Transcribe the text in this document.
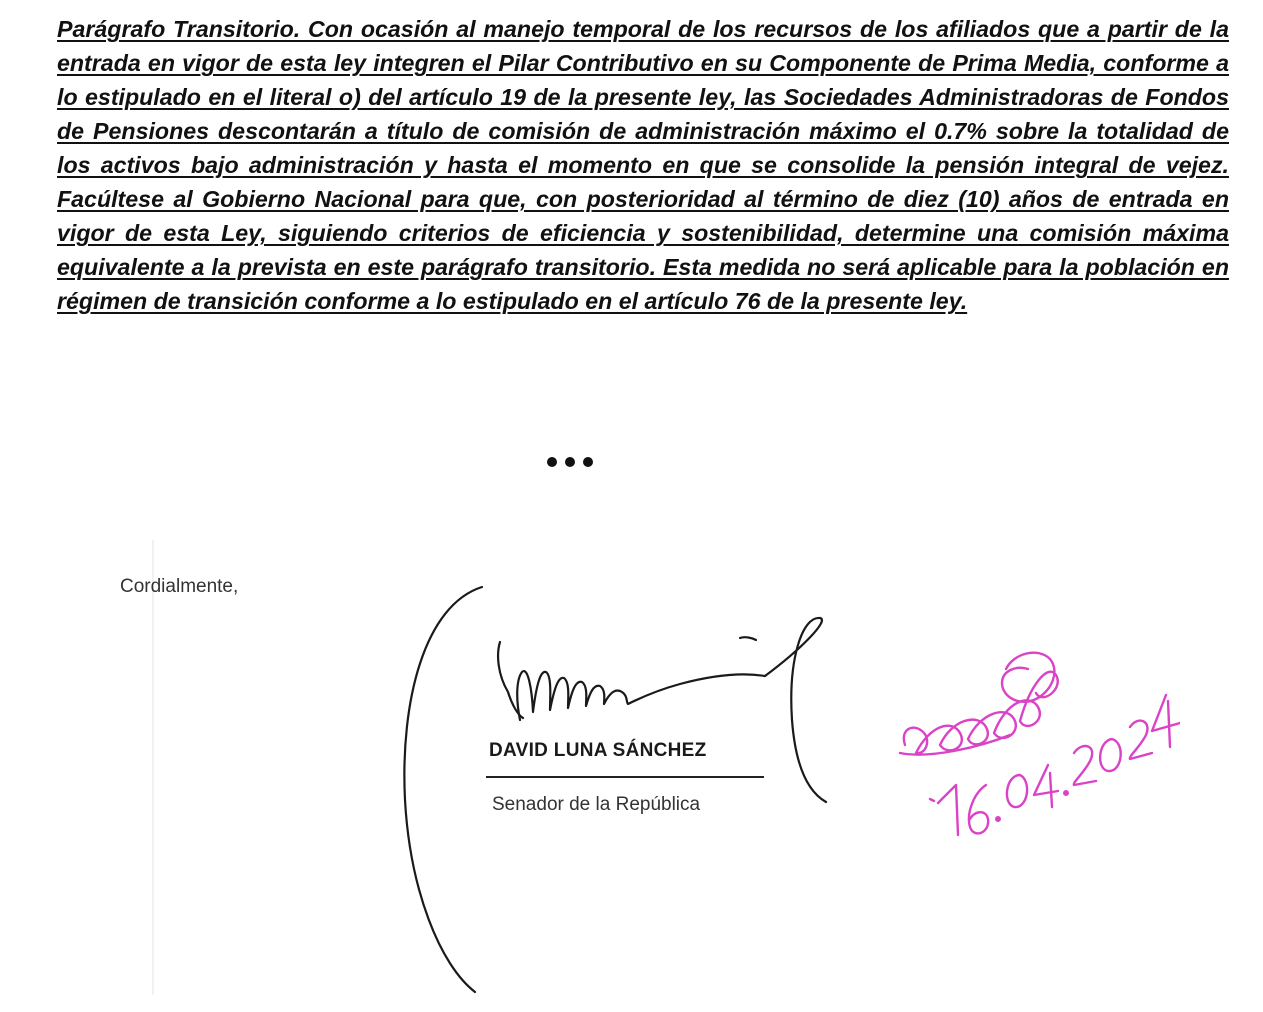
Parágrafo Transitorio. Con ocasión al manejo temporal de los recursos de los afiliados que a partir de la entrada en vigor de esta ley integren el Pilar Contributivo en su Componente de Prima Media, conforme a lo estipulado en el literal o) del artículo 19 de la presente ley, las Sociedades Administradoras de Fondos de Pensiones descontarán a título de comisión de administración máximo el 0.7% sobre la totalidad de los activos bajo administración y hasta el momento en que se consolide la pensión integral de vejez. Facúltese al Gobierno Nacional para que, con posterioridad al término de diez (10) años de entrada en vigor de esta Ley, siguiendo criterios de eficiencia y sostenibilidad, determine una comisión máxima equivalente a la prevista en este parágrafo transitorio. Esta medida no será aplicable para la población en régimen de transición conforme a lo estipulado en el artículo 76 de la presente ley.

Cordialmente,
DAVID LUNA SÁNCHEZ
Senador de la República
